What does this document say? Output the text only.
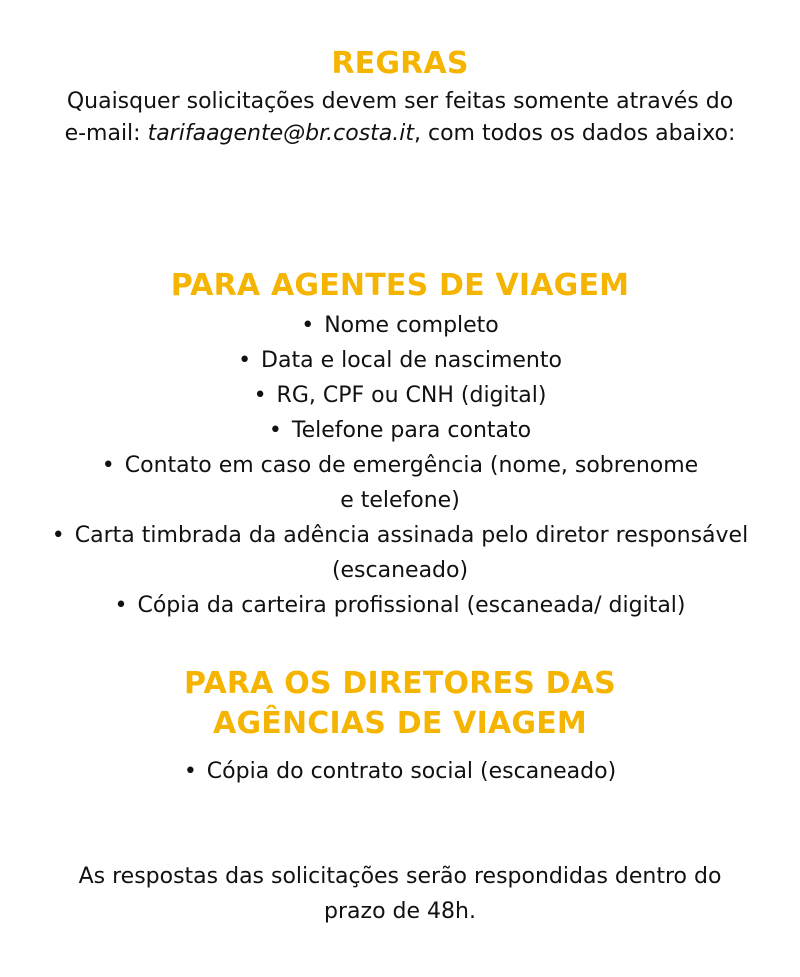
REGRAS

Quaisquer solicitações devem ser feitas somente através do e-mail: tarifaagente@br.costa.it, com todos os dados abaixo:

PARA AGENTES DE VIAGEM
• Nome completo
• Data e local de nascimento
• RG, CPF ou CNH (digital)
• Telefone para contato
• Contato em caso de emergência (nome, sobrenome e telefone)
• Carta timbrada da adência assinada pelo diretor responsável (escaneado)
• Cópia da carteira profissional (escaneada/ digital)
PARA OS DIRETORES DAS
AGÊNCIAS DE VIAGEM
• Cópia do contrato social (escaneado)

As respostas das solicitações serão respondidas dentro do prazo de 48h.
